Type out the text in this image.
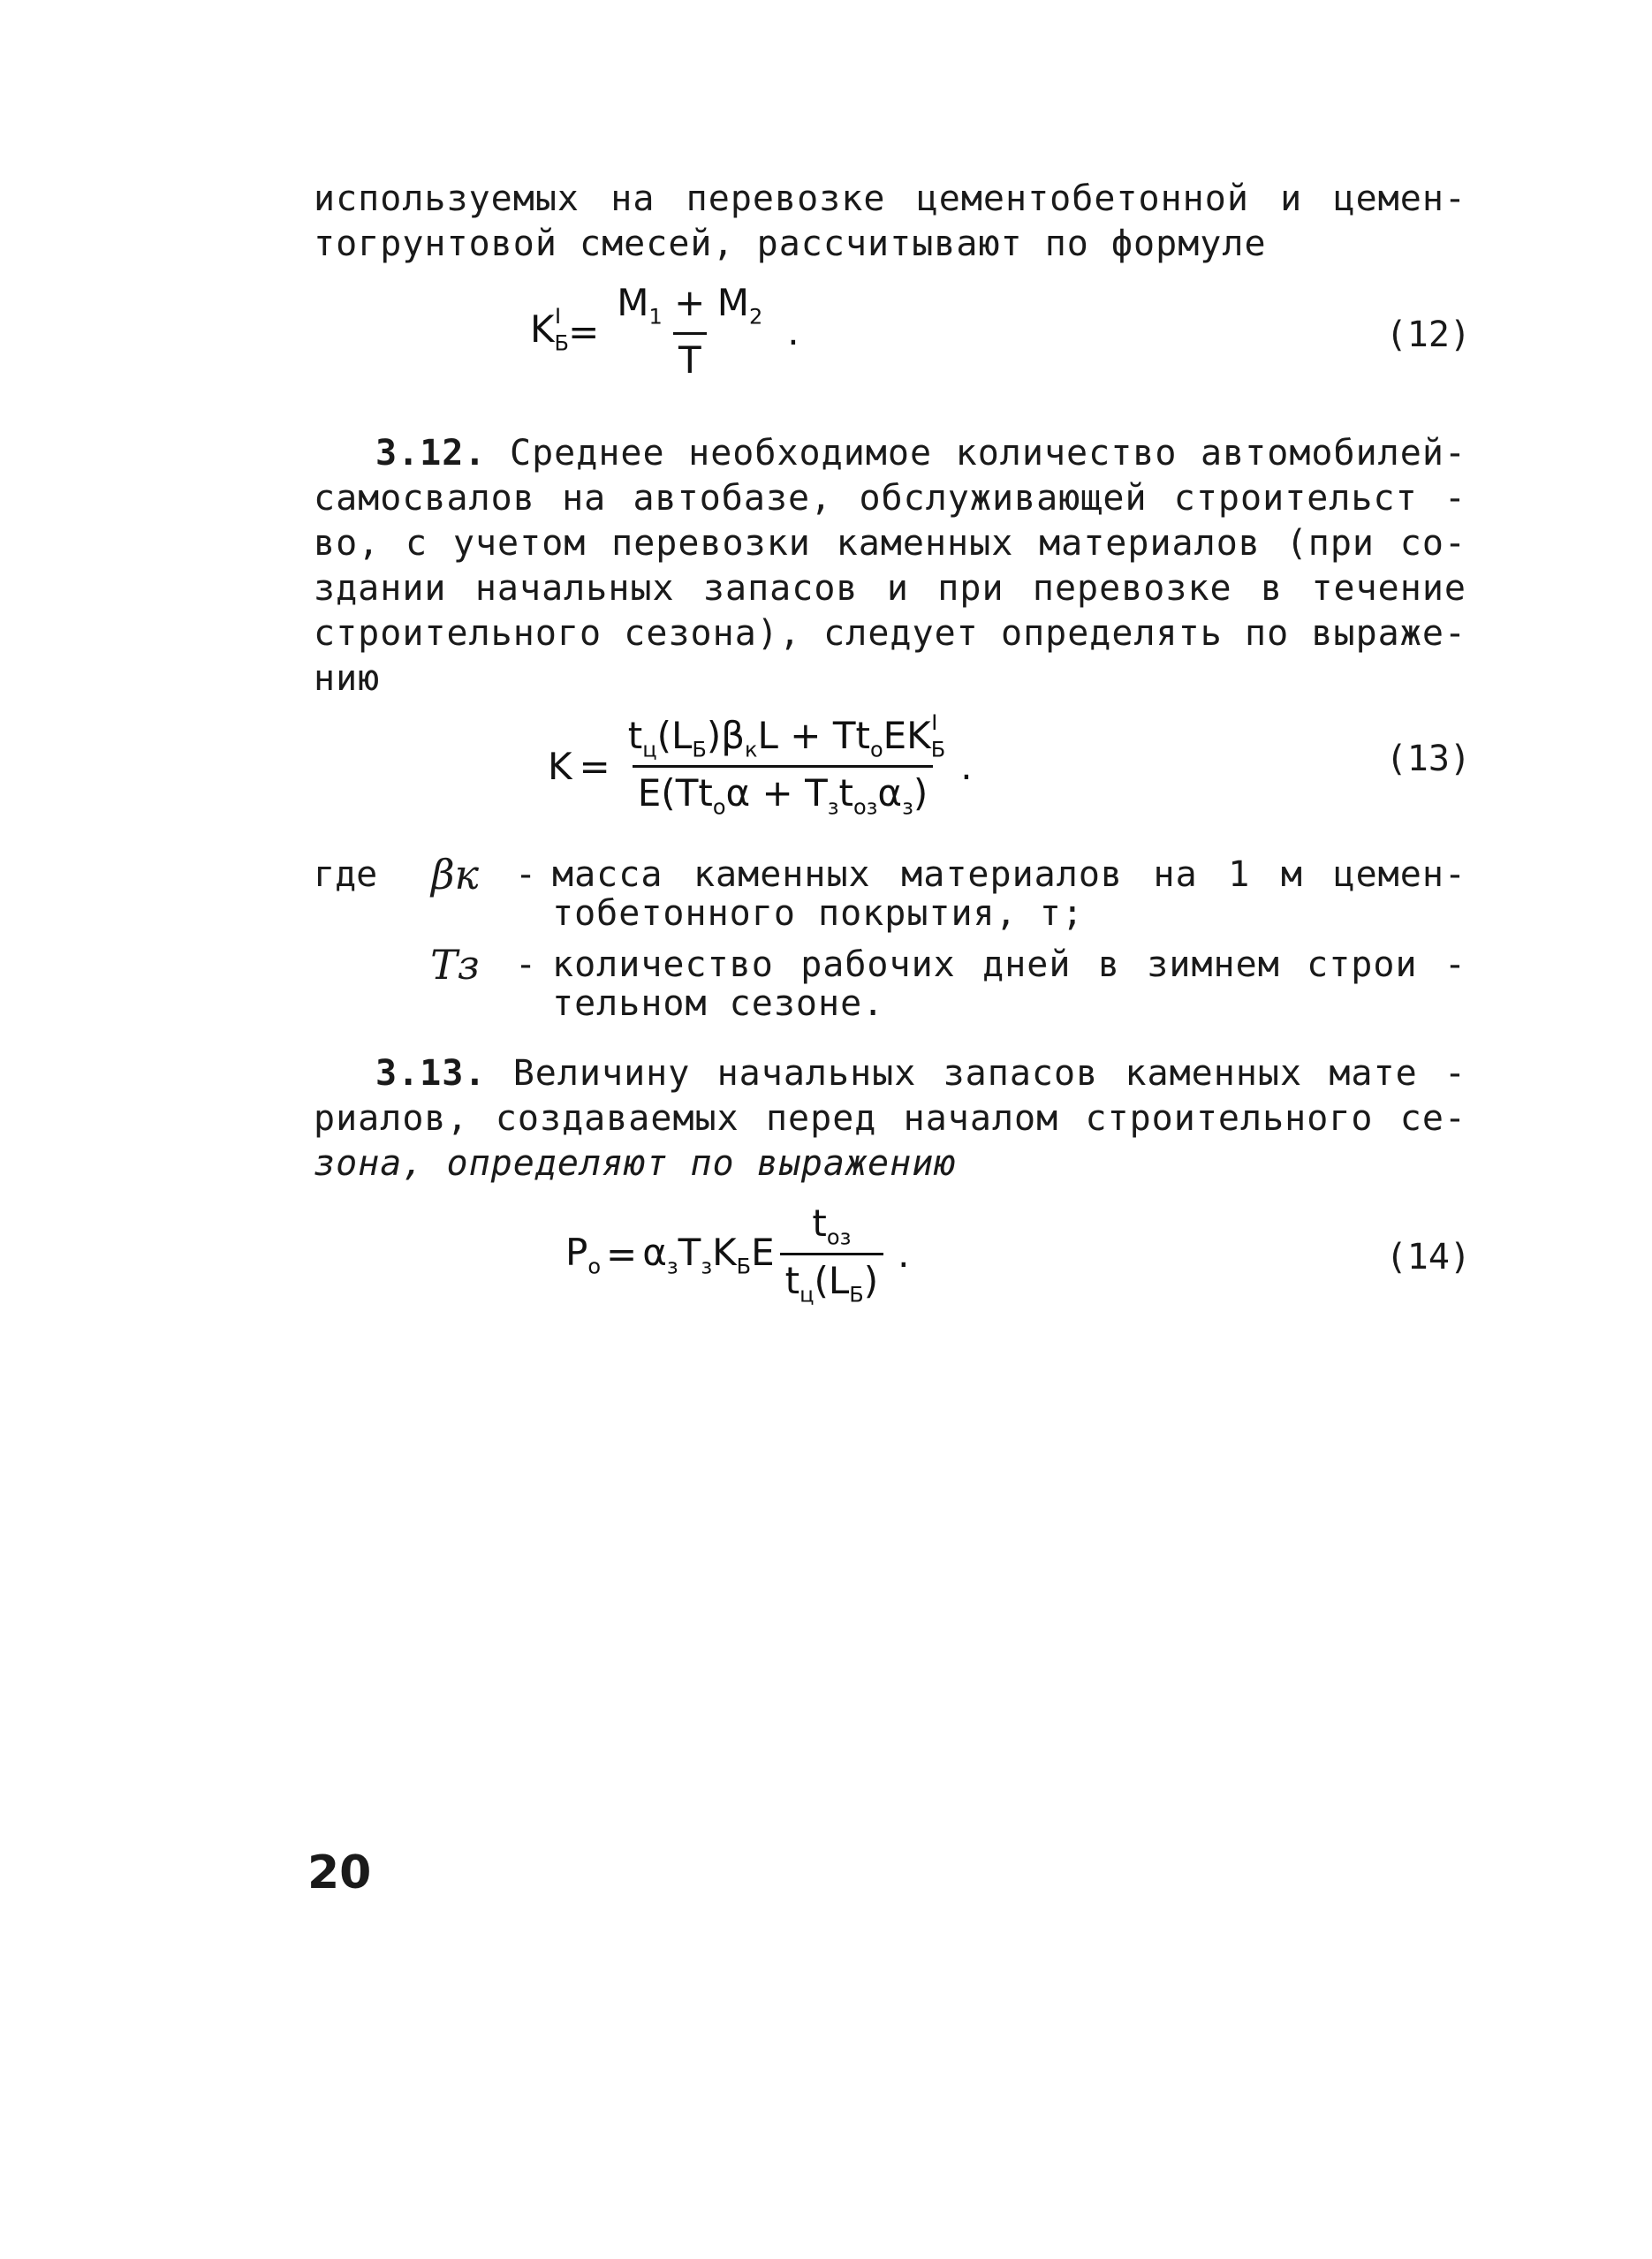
используемых на перевозке цементобетонной и цемен-
тогрунтовой смесей, рассчитывают по формуле
$K_Б^I = \frac{M_1 + M_2}{T}$ .	(12)
3.12. Среднее необходимое количество автомобилей-
самосвалов на автобазе, обслуживающей строительст -
во, с учетом перевозки каменных материалов (при со-
здании начальных запасов и при перевозке в течение
строительного сезона), следует определять по выраже-
нию
$K = \frac{t_ц(L_Б)\beta_кL + Tt_оEK_Б^I}{E(Tt_о\alpha + T_зt_{оз}\alpha_з)}$ .	(13)
где	βк	- масса каменных материалов на 1 м цемен-
тобетонного покрытия, т;
Tз	- количество рабочих дней в зимнем строи -
тельном сезоне.
3.13. Величину начальных запасов каменных мате -
риалов, создаваемых перед началом строительного се-
зона, определяют по выражению
$P_о = \alpha_зT_зK_БE \frac{t_{оз}}{t_ц(L_Б)}$ .	(14)
20
